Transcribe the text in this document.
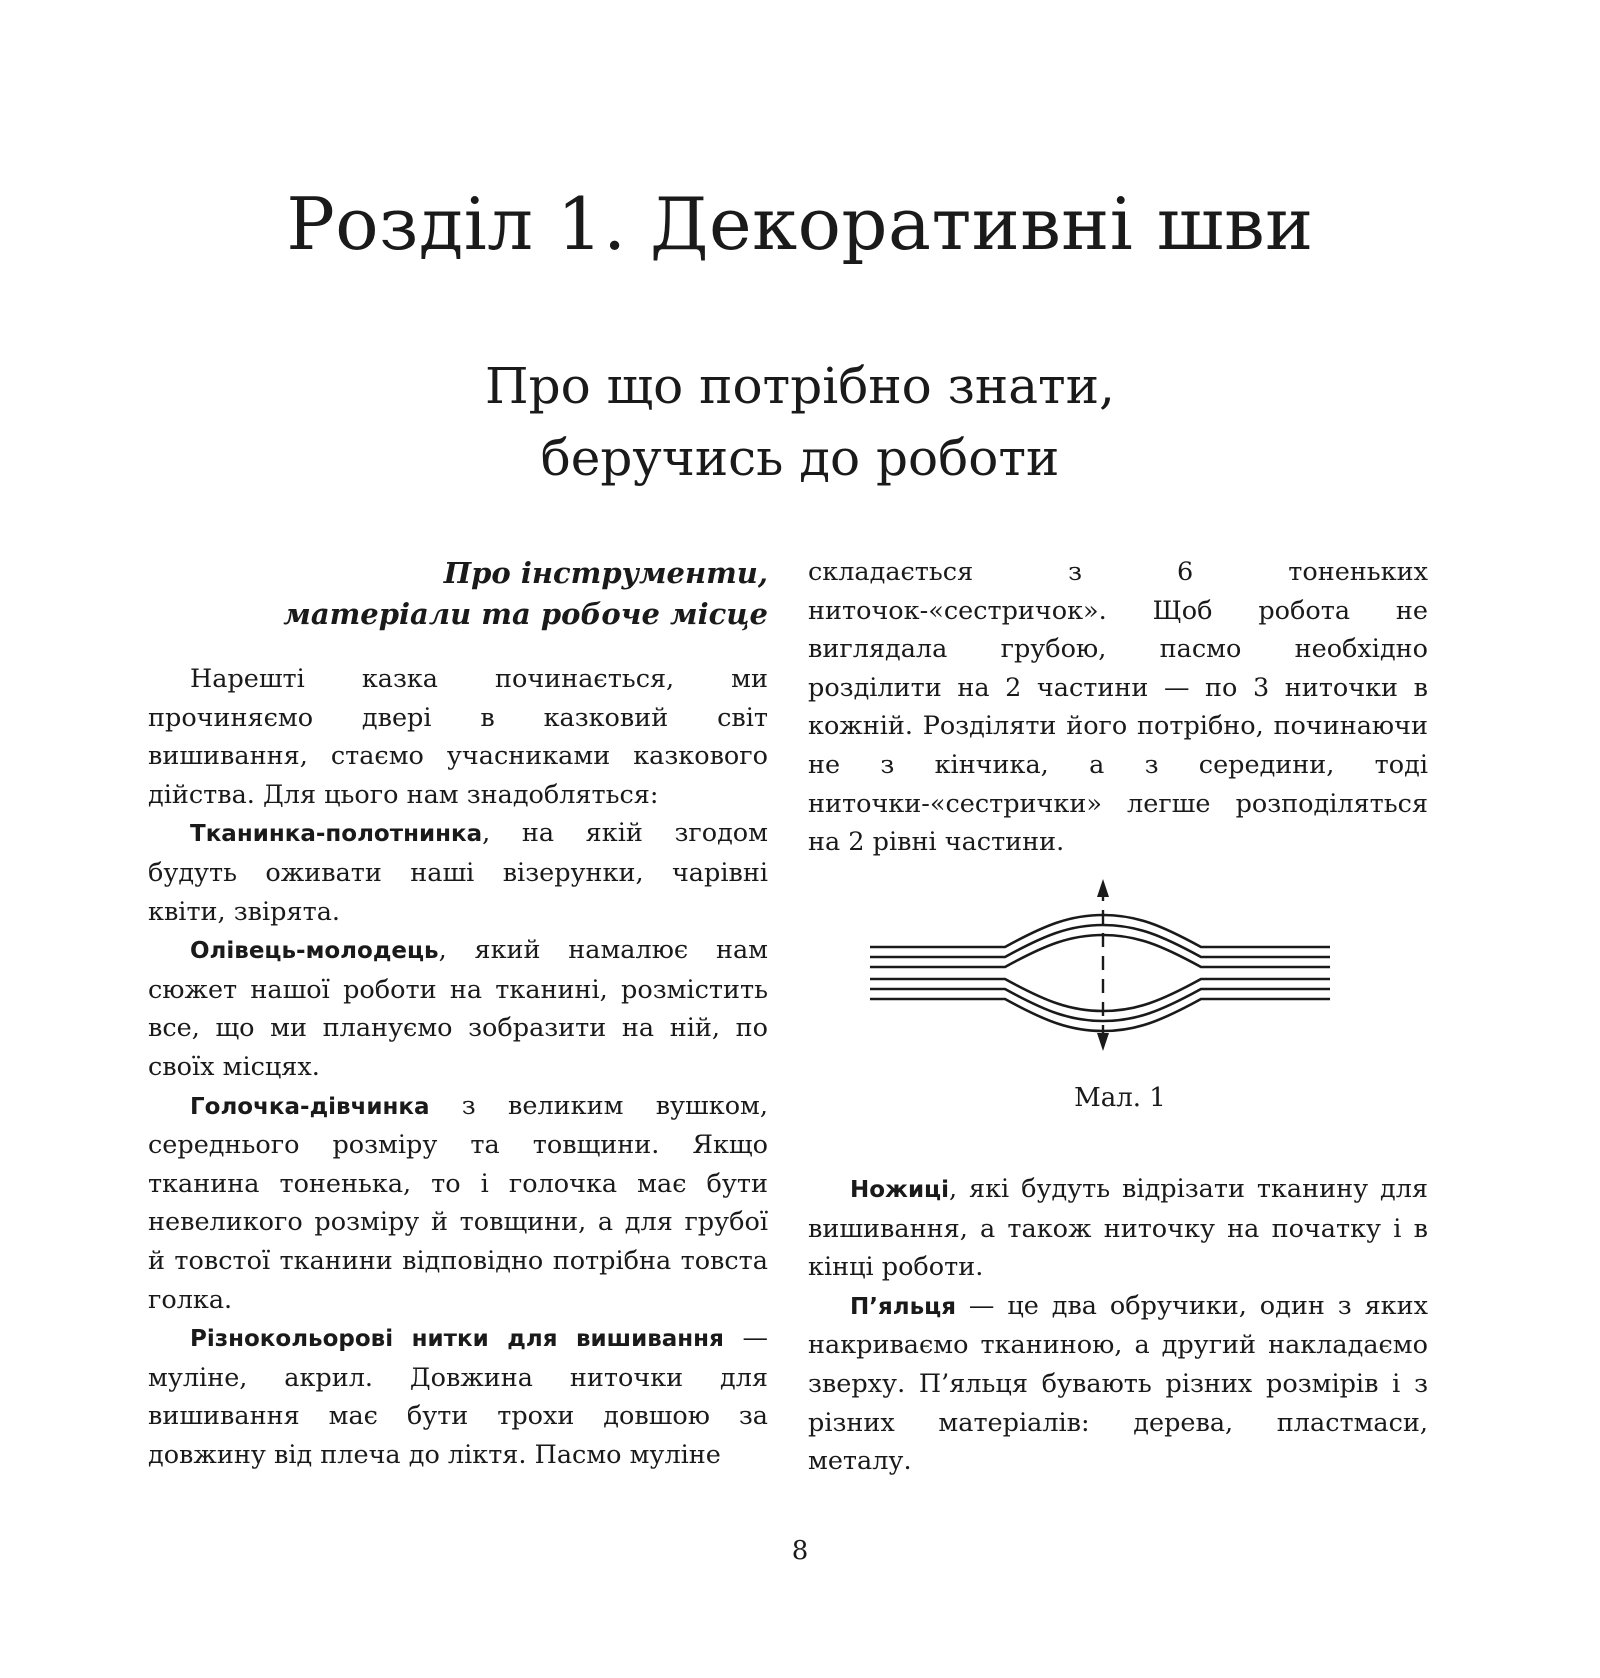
Розділ 1. Декоративні шви
Про що потрібно знати,
беручись до роботи
Про інструменти,
матеріали та робоче місце

Нарешті казка починається, ми прочиняємо двері в казковий світ вишивання, стаємо учасниками казкового дійства. Для цього нам знадобляться:

Тканинка-полотнинка, на якій згодом будуть оживати наші візерунки, чарівні квіти, звірята.

Олівець-молодець, який намалює нам сюжет нашої роботи на тканині, розмістить все, що ми плануємо зобразити на ній, по своїх місцях.

Голочка-дівчинка з великим вушком, середнього розміру та товщини. Якщо тканина тоненька, то і голочка має бути невеликого розміру й товщини, а для грубої й товстої тканини відповідно потрібна товста голка.

Різнокольорові нитки для вишивання — муліне, акрил. Довжина ниточки для вишивання має бути трохи довшою за довжину від плеча до ліктя. Пасмо муліне

складається з 6 тоненьких ниточок-«сестричок». Щоб робота не виглядала грубою, пасмо необхідно розділити на 2 частини — по 3 ниточки в кожній. Розділяти його потрібно, починаючи не з кінчика, а з середини, тоді ниточки-«сестрички» легше розподіляться на 2 рівні частини.

Мал. 1

Ножиці, які будуть відрізати тканину для вишивання, а також ниточку на початку і в кінці роботи.

П’яльця — це два обручики, один з яких накриваємо тканиною, а другий накладаємо зверху. П’яльця бувають різних розмірів і з різних матеріалів: дерева, пластмаси, металу.

8
